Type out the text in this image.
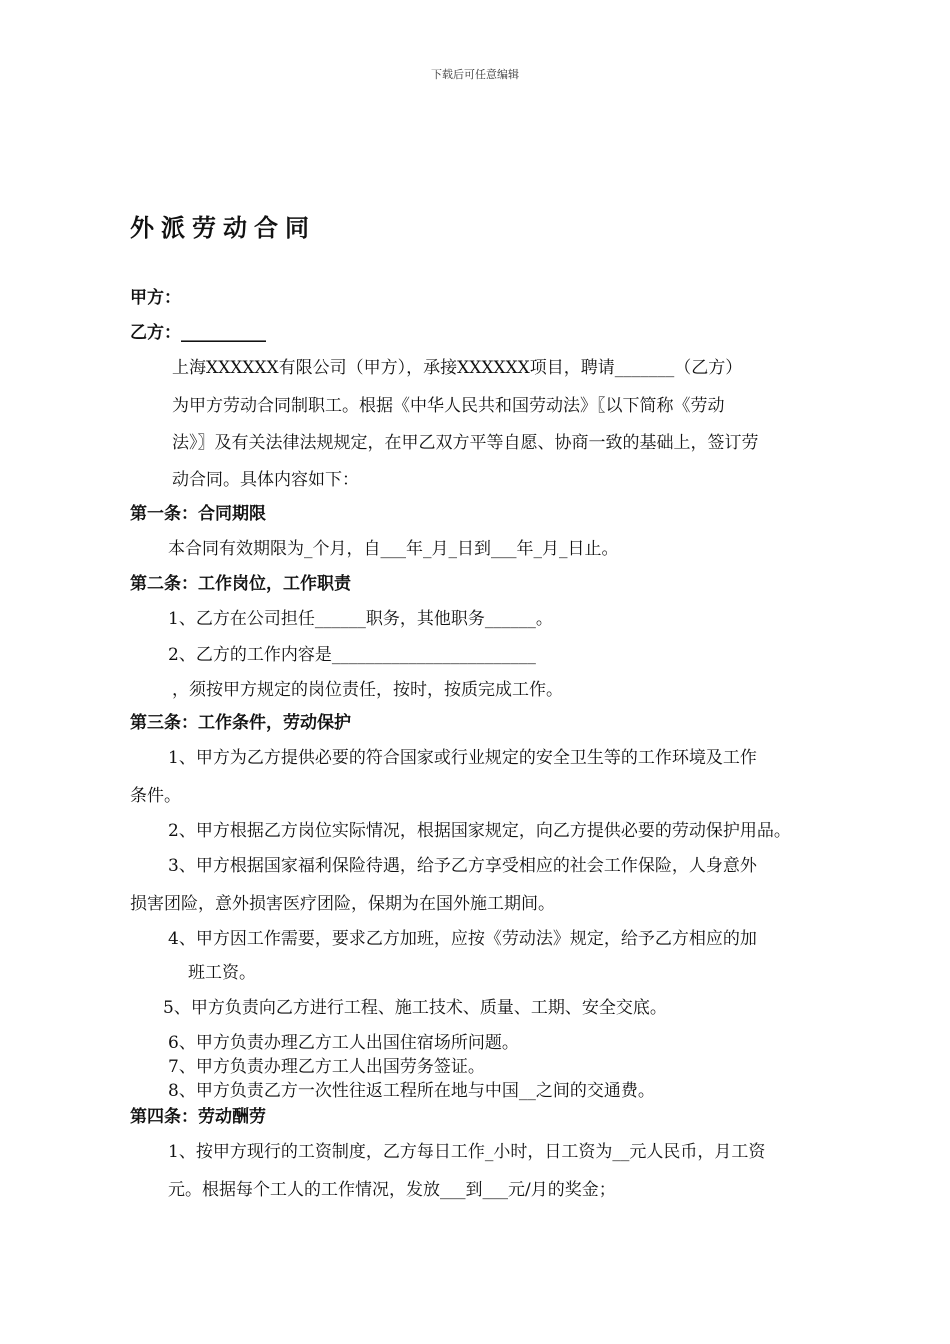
下载后可任意编辑
外派劳动合同
甲方：
乙方：__________
上海XXXXXX有限公司（甲方），承接XXXXXX项目，聘请_______（乙方）
为甲方劳动合同制职工。根据《中华人民共和国劳动法》〖以下简称《劳动
法》〗及有关法律法规规定，在甲乙双方平等自愿、协商一致的基础上，签订劳
动合同。具体内容如下：
第一条：合同期限
本合同有效期限为_个月，自___年_月_日到___年_月_日止。
第二条：工作岗位，工作职责
1、乙方在公司担任______职务，其他职务______。
2、乙方的工作内容是________________________
，须按甲方规定的岗位责任，按时，按质完成工作。
第三条：工作条件，劳动保护
1、甲方为乙方提供必要的符合国家或行业规定的安全卫生等的工作环境及工作
条件。
2、甲方根据乙方岗位实际情况，根据国家规定，向乙方提供必要的劳动保护用品。
3、甲方根据国家福利保险待遇，给予乙方享受相应的社会工作保险，人身意外
损害团险，意外损害医疗团险，保期为在国外施工期间。
4、甲方因工作需要，要求乙方加班，应按《劳动法》规定，给予乙方相应的加
班工资。
5、甲方负责向乙方进行工程、施工技术、质量、工期、安全交底。
6、甲方负责办理乙方工人出国住宿场所问题。
7、甲方负责办理乙方工人出国劳务签证。
8、甲方负责乙方一次性往返工程所在地与中国__之间的交通费。
第四条：劳动酬劳
1、按甲方现行的工资制度，乙方每日工作_小时，日工资为__元人民币，月工资
元。根据每个工人的工作情况，发放___到___元/月的奖金；
